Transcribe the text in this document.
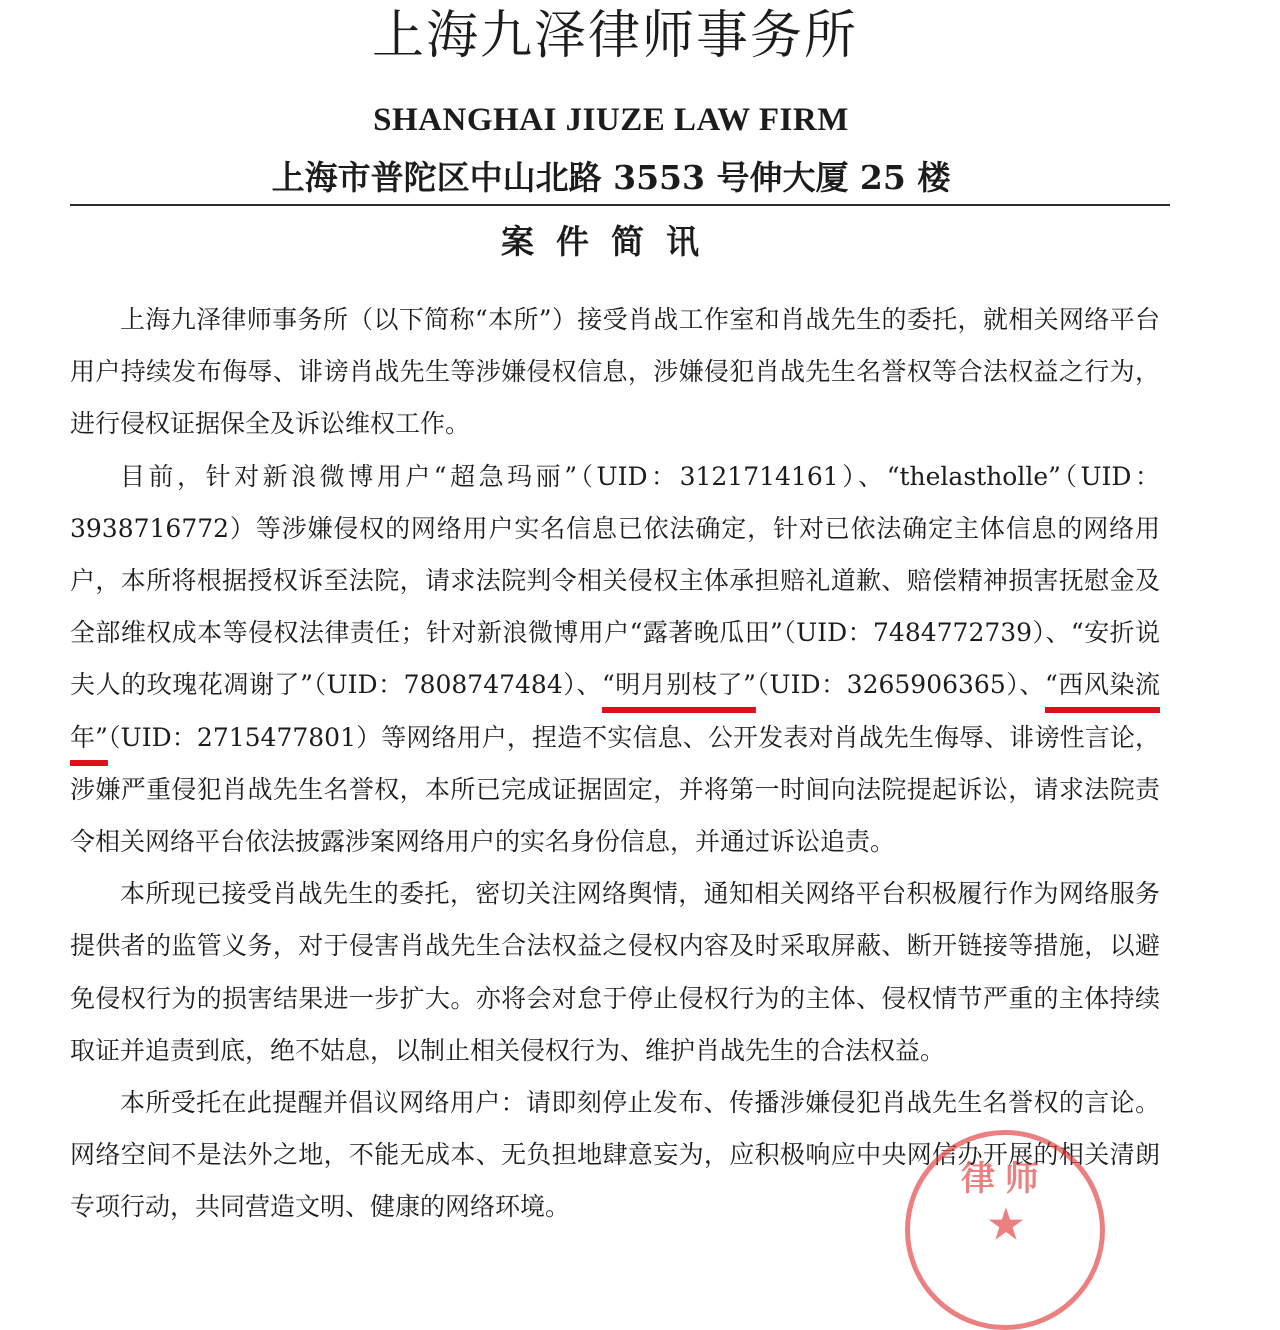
上海九泽律师事务所
SHANGHAI JIUZE LAW FIRM
上海市普陀区中山北路 3553 号伸大厦 25 楼
案件简讯

上海九泽律师事务所（以下简称“本所”）接受肖战工作室和肖战先生的委托，就相关网络平台用户持续发布侮辱、诽谤肖战先生等涉嫌侵权信息，涉嫌侵犯肖战先生名誉权等合法权益之行为，进行侵权证据保全及诉讼维权工作。

目前，针对新浪微博用户“超急玛丽”（UID：3121714161）、“thelastholle”（UID：3938716772）等涉嫌侵权的网络用户实名信息已依法确定，针对已依法确定主体信息的网络用户，本所将根据授权诉至法院，请求法院判令相关侵权主体承担赔礼道歉、赔偿精神损害抚慰金及全部维权成本等侵权法律责任；针对新浪微博用户“露著晚瓜田”（UID：7484772739）、“安折说夫人的玫瑰花凋谢了”（UID：7808747484）、“明月别枝了”（UID：3265906365）、“西风染流年”（UID：2715477801）等网络用户，捏造不实信息、公开发表对肖战先生侮辱、诽谤性言论，涉嫌严重侵犯肖战先生名誉权，本所已完成证据固定，并将第一时间向法院提起诉讼，请求法院责令相关网络平台依法披露涉案网络用户的实名身份信息，并通过诉讼追责。

本所现已接受肖战先生的委托，密切关注网络舆情，通知相关网络平台积极履行作为网络服务提供者的监管义务，对于侵害肖战先生合法权益之侵权内容及时采取屏蔽、断开链接等措施，以避免侵权行为的损害结果进一步扩大。亦将会对怠于停止侵权行为的主体、侵权情节严重的主体持续取证并追责到底，绝不姑息，以制止相关侵权行为、维护肖战先生的合法权益。

本所受托在此提醒并倡议网络用户：请即刻停止发布、传播涉嫌侵犯肖战先生名誉权的言论。网络空间不是法外之地，不能无成本、无负担地肆意妄为，应积极响应中央网信办开展的相关清朗专项行动，共同营造文明、健康的网络环境。

律师
★
